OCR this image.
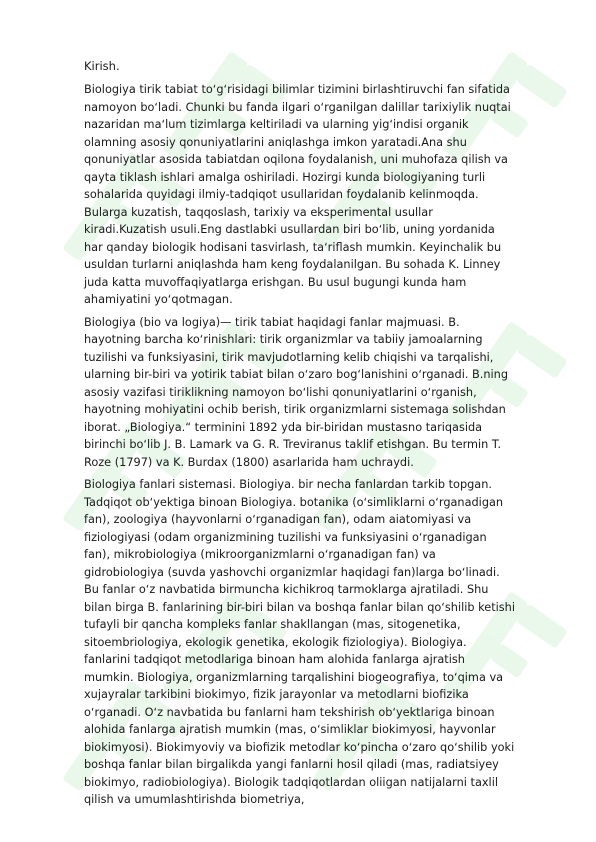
Kirish.

Biologiya tirik tabiat toʻgʻrisidagi bilimlar tizimini birlashtiruvchi fan sifatida namoyon boʻladi. Chunki bu fanda ilgari oʻrganilgan dalillar tarixiylik nuqtai nazaridan maʻlum tizimlarga keltiriladi va ularning yigʻindisi organik olamning asosiy qonuniyatlarini aniqlashga imkon yaratadi.Ana shu qonuniyatlar asosida tabiatdan oqilona foydalanish, uni muhofaza qilish va qayta tiklash ishlari amalga oshiriladi. Hozirgi kunda biologiyaning turli sohalarida quyidagi ilmiy-tadqiqot usullaridan foydalanib kelinmoqda. Bularga kuzatish, taqqoslash, tarixiy va eksperimental usullar kiradi.Kuzatish usuli.Eng dastlabki usullardan biri boʻlib, uning yordanida har qanday biologik hodisani tasvirlash, taʻriflash mumkin. Keyinchalik bu usuldan turlarni aniqlashda ham keng foydalanilgan. Bu sohada K. Linney juda katta muvoffaqiyatlarga erishgan. Bu usul bugungi kunda ham ahamiyatini yoʻqotmagan.

Biologiya (bio va logiya)— tirik tabiat haqidagi fanlar majmuasi. B. hayotning barcha koʻrinishlari: tirik organizmlar va tabiiy jamoalarning tuzilishi va funksiyasini, tirik mavjudotlarning kelib chiqishi va tarqalishi, ularning bir-biri va yotirik tabiat bilan oʻzaro bogʻlanishini oʻrganadi. B.ning asosiy vazifasi tiriklikning namoyon boʻlishi qonuniyatlarini oʻrganish, hayotning mohiyatini ochib berish, tirik organizmlarni sistemaga solishdan iborat. „Biologiya.“ terminini 1892 yda bir-biridan mustasno tariqasida birinchi boʻlib J. B. Lamark va G. R. Treviranus taklif etishgan. Bu termin T. Roze (1797) va K. Burdax (1800) asarlarida ham uchraydi.

Biologiya fanlari sistemasi. Biologiya. bir necha fanlardan tarkib topgan. Tadqiqot obʻyektiga binoan Biologiya. botanika (oʻsimliklarni oʻrganadigan fan), zoologiya (hayvonlarni oʻrganadigan fan), odam aiatomiyasi va fiziologiyasi (odam organizmining tuzilishi va funksiyasini oʻrganadigan fan), mikrobiologiya (mikroorganizmlarni oʻrganadigan fan) va gidrobiologiya (suvda yashovchi organizmlar haqidagi fan)larga boʻlinadi. Bu fanlar oʻz navbatida birmuncha kichikroq tarmoklarga ajratiladi. Shu bilan birga B. fanlarining bir-biri bilan va boshqa fanlar bilan qoʻshilib ketishi tufayli bir qancha kompleks fanlar shakllangan (mas, sitogenetika, sitoembriologiya, ekologik genetika, ekologik fiziologiya). Biologiya. fanlarini tadqiqot metodlariga binoan ham alohida fanlarga ajratish mumkin. Biologiya, organizmlarning tarqalishini biogeografiya, toʻqima va xujayralar tarkibini biokimyo, fizik jarayonlar va metodlarni biofizika oʻrganadi. Oʻz navbatida bu fanlarni ham tekshirish obʻyektlariga binoan alohida fanlarga ajratish mumkin (mas, oʻsimliklar biokimyosi, hayvonlar biokimyosi). Biokimyoviy va biofizik metodlar koʻpincha oʻzaro qoʻshilib yoki boshqa fanlar bilan birgalikda yangi fanlarni hosil qiladi (mas, radiatsiyey biokimyo, radiobiologiya). Biologik tadqiqotlardan oliigan natijalarni taxlil qilish va umumlashtirishda biometriya,
